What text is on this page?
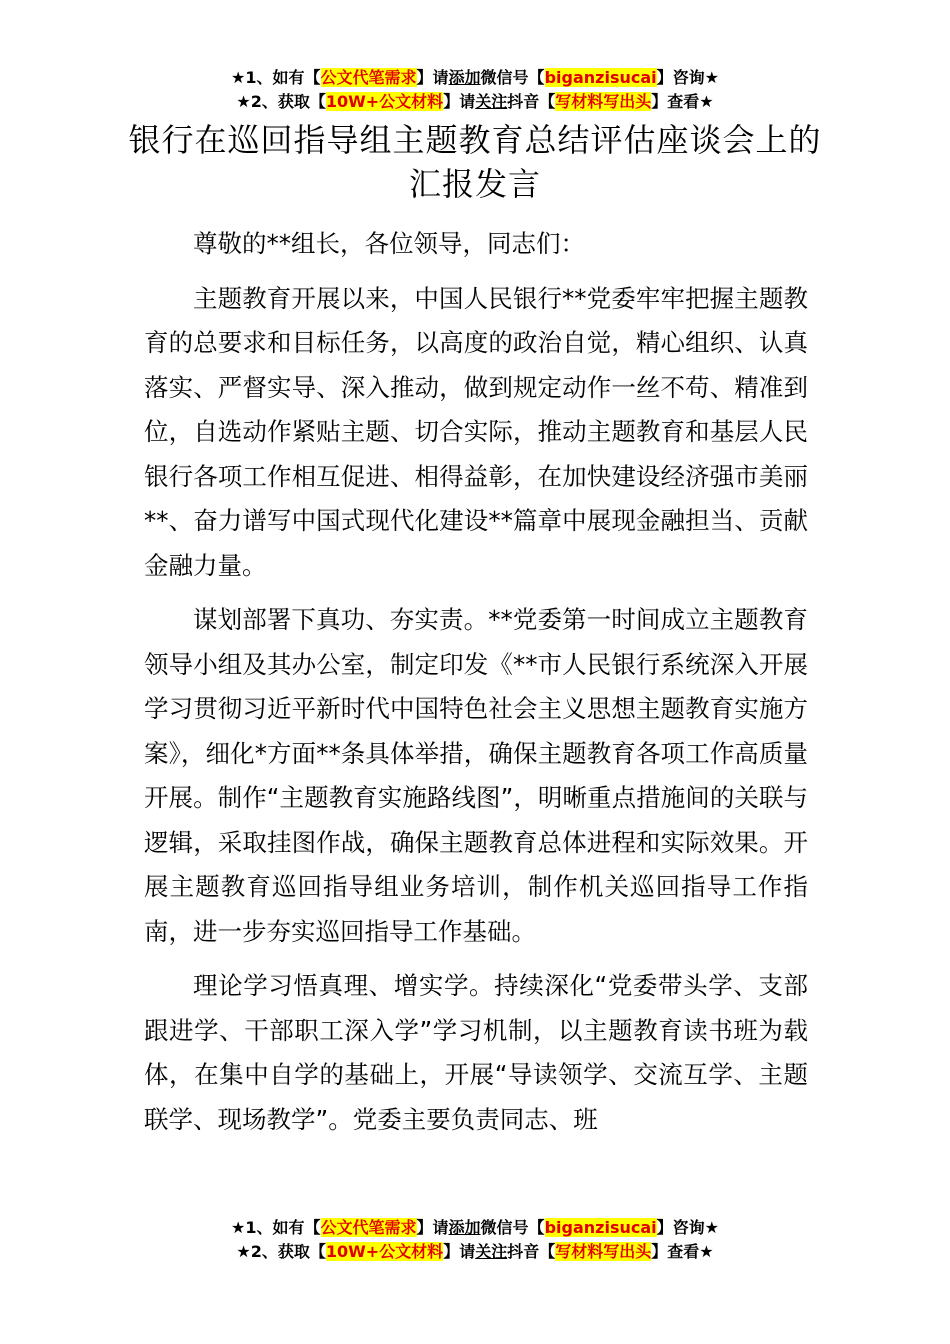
★1、如有【公文代笔需求】请添加微信号【biganzisucai】咨询★
★2、获取【10W+公文材料】请关注抖音【写材料写出头】查看★
银行在巡回指导组主题教育总结评估座谈会上的汇报发言

尊敬的**组长，各位领导，同志们：

主题教育开展以来，中国人民银行**党委牢牢把握主题教育的总要求和目标任务，以高度的政治自觉，精心组织、认真落实、严督实导、深入推动，做到规定动作一丝不苟、精准到位，自选动作紧贴主题、切合实际，推动主题教育和基层人民银行各项工作相互促进、相得益彰，在加快建设经济强市美丽**、奋力谱写中国式现代化建设**篇章中展现金融担当、贡献金融力量。

谋划部署下真功、夯实责。**党委第一时间成立主题教育领导小组及其办公室，制定印发《**市人民银行系统深入开展学习贯彻习近平新时代中国特色社会主义思想主题教育实施方案》，细化*方面**条具体举措，确保主题教育各项工作高质量开展。制作“主题教育实施路线图”，明晰重点措施间的关联与逻辑，采取挂图作战，确保主题教育总体进程和实际效果。开展主题教育巡回指导组业务培训，制作机关巡回指导工作指南，进一步夯实巡回指导工作基础。

理论学习悟真理、增实学。持续深化“党委带头学、支部跟进学、干部职工深入学”学习机制，以主题教育读书班为载体，在集中自学的基础上，开展“导读领学、交流互学、主题联学、现场教学”。党委主要负责同志、班

★1、如有【公文代笔需求】请添加微信号【biganzisucai】咨询★
★2、获取【10W+公文材料】请关注抖音【写材料写出头】查看★
